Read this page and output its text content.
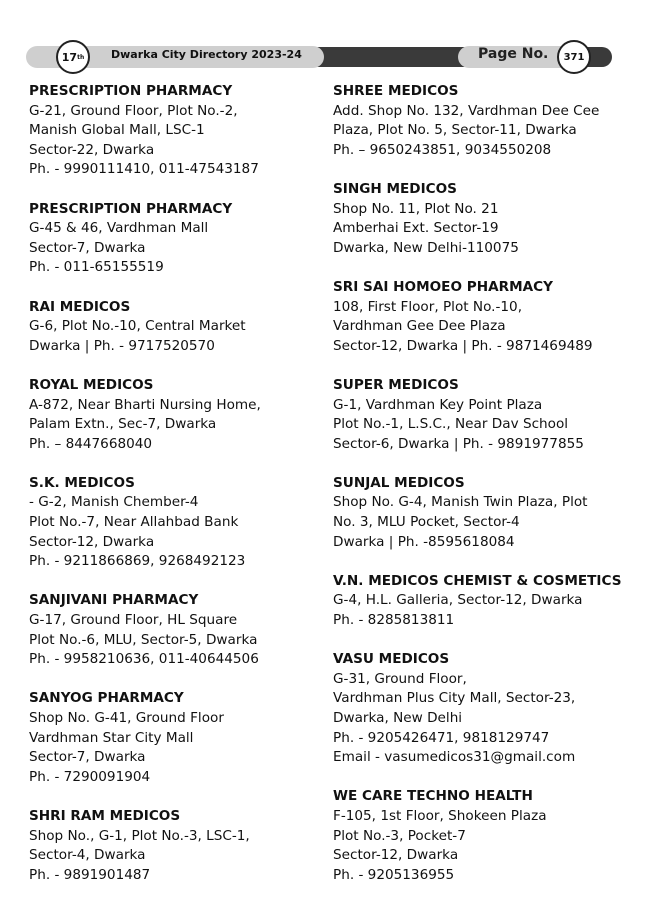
17 th Dwarka City Directory 2023-24	Page No.	371
PRESCRIPTION PHARMACY
G-21, Ground Floor, Plot No.-2,
Manish Global Mall, LSC-1
Sector-22, Dwarka
Ph. - 9990111410, 011-47543187
PRESCRIPTION PHARMACY
G-45 & 46, Vardhman Mall
Sector-7, Dwarka
Ph. - 011-65155519
RAI MEDICOS
G-6, Plot No.-10, Central Market
Dwarka | Ph. - 9717520570
ROYAL MEDICOS
A-872, Near Bharti Nursing Home,
Palam Extn., Sec-7, Dwarka
Ph. – 8447668040
S.K. MEDICOS
- G-2, Manish Chember-4
Plot No.-7, Near Allahbad Bank
Sector-12, Dwarka
Ph. - 9211866869, 9268492123
SANJIVANI PHARMACY
G-17, Ground Floor, HL Square
Plot No.-6, MLU, Sector-5, Dwarka
Ph. - 9958210636, 011-40644506
SANYOG PHARMACY
Shop No. G-41, Ground Floor
Vardhman Star City Mall
Sector-7, Dwarka
Ph. - 7290091904
SHRI RAM MEDICOS
Shop No., G-1, Plot No.-3, LSC-1,
Sector-4, Dwarka
Ph. - 9891901487
SHREE MEDICOS
Add. Shop No. 132, Vardhman Dee Cee
Plaza, Plot No. 5, Sector-11, Dwarka
Ph. – 9650243851, 9034550208
SINGH MEDICOS
Shop No. 11, Plot No. 21
Amberhai Ext. Sector-19
Dwarka, New Delhi-110075
SRI SAI HOMOEO PHARMACY
108, First Floor, Plot No.-10,
Vardhman Gee Dee Plaza
Sector-12, Dwarka | Ph. - 9871469489
SUPER MEDICOS
G-1, Vardhman Key Point Plaza
Plot No.-1, L.S.C., Near Dav School
Sector-6, Dwarka | Ph. - 9891977855
SUNJAL MEDICOS
Shop No. G-4, Manish Twin Plaza, Plot
No. 3, MLU Pocket, Sector-4
Dwarka | Ph. -8595618084
V.N. MEDICOS CHEMIST & COSMETICS
G-4, H.L. Galleria, Sector-12, Dwarka
Ph. - 8285813811
VASU MEDICOS
G-31, Ground Floor,
Vardhman Plus City Mall, Sector-23,
Dwarka, New Delhi
Ph. - 9205426471, 9818129747
Email - vasumedicos31@gmail.com
WE CARE TECHNO HEALTH
F-105, 1st Floor, Shokeen Plaza
Plot No.-3, Pocket-7
Sector-12, Dwarka
Ph. - 9205136955
